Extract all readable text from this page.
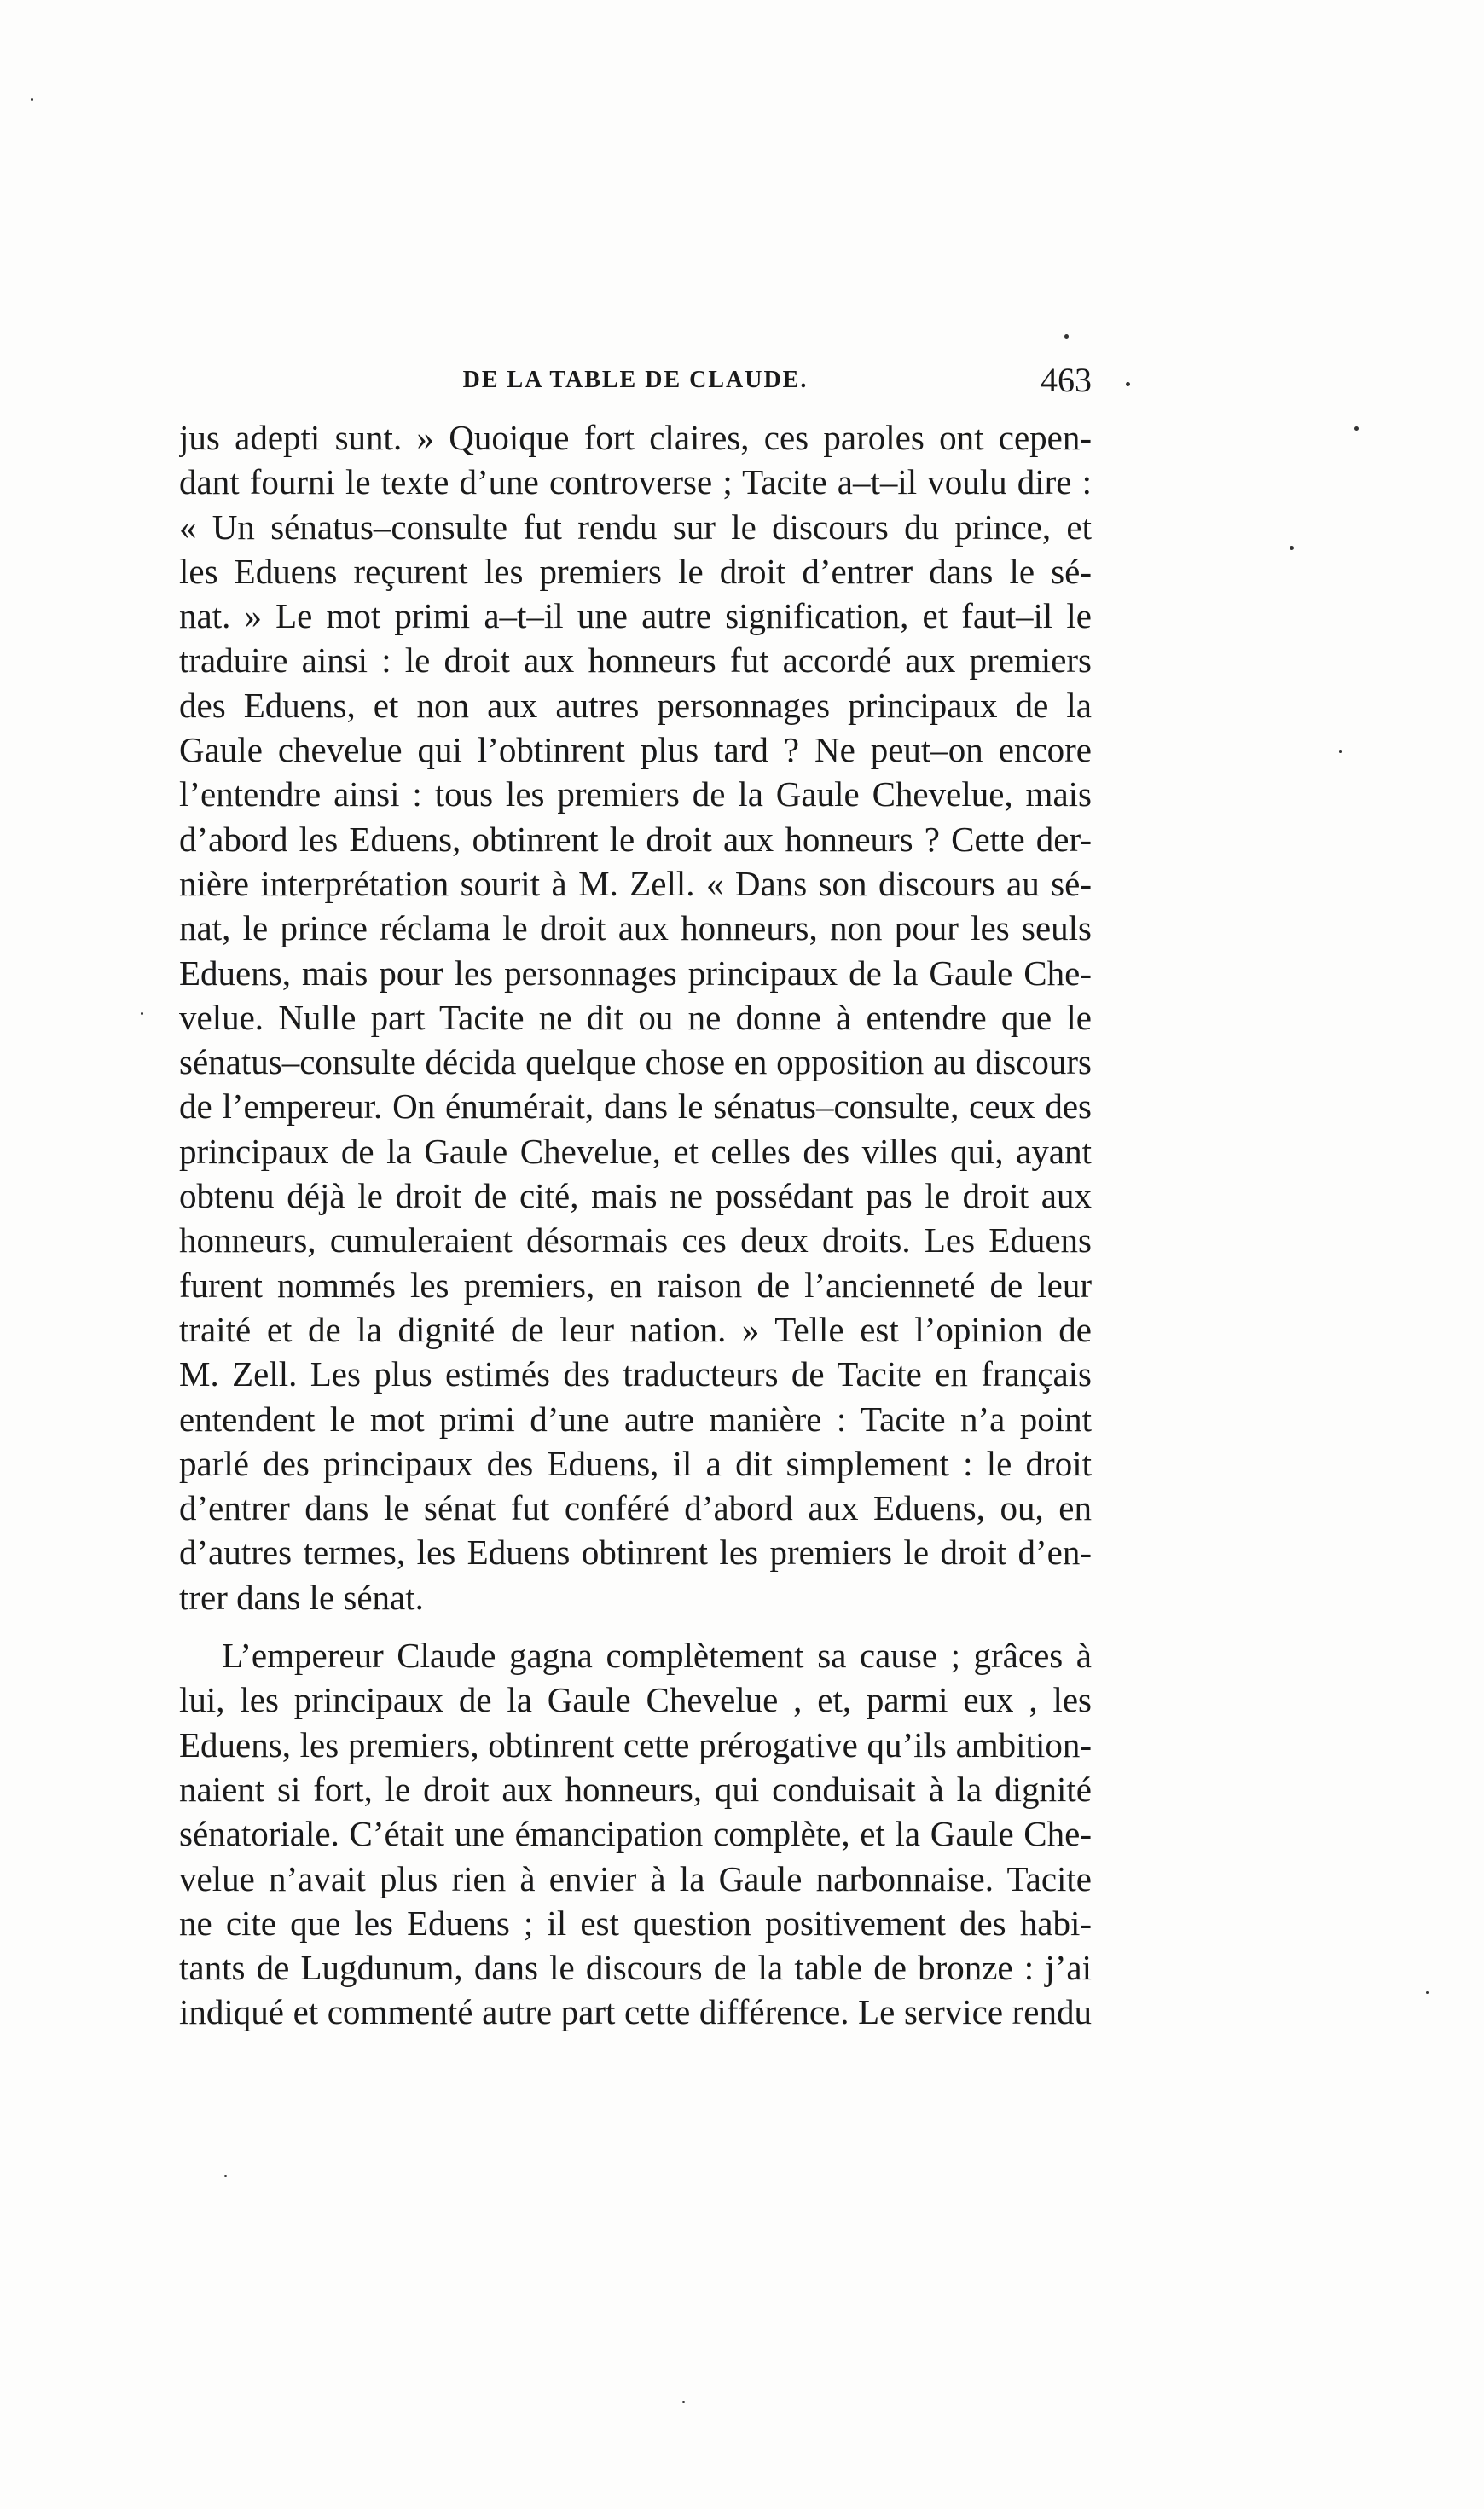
DE LA TABLE DE CLAUDE.	463
jus adepti sunt. » Quoique fort claires, ces paroles ont cepen-
dant fourni le texte d’une controverse ; Tacite a–t–il voulu dire :
« Un sénatus–consulte fut rendu sur le discours du prince, et
les Eduens reçurent les premiers le droit d’entrer dans le sé-
nat. » Le mot primi a–t–il une autre signification, et faut–il le
traduire ainsi : le droit aux honneurs fut accordé aux premiers
des Eduens, et non aux autres personnages principaux de la
Gaule chevelue qui l’obtinrent plus tard ? Ne peut–on encore
l’entendre ainsi : tous les premiers de la Gaule Chevelue, mais
d’abord les Eduens, obtinrent le droit aux honneurs ? Cette der-
nière interprétation sourit à M. Zell. « Dans son discours au sé-
nat, le prince réclama le droit aux honneurs, non pour les seuls
Eduens, mais pour les personnages principaux de la Gaule Che-
velue. Nulle part Tacite ne dit ou ne donne à entendre que le
sénatus–consulte décida quelque chose en opposition au discours
de l’empereur. On énumérait, dans le sénatus–consulte, ceux des
principaux de la Gaule Chevelue, et celles des villes qui, ayant
obtenu déjà le droit de cité, mais ne possédant pas le droit aux
honneurs, cumuleraient désormais ces deux droits. Les Eduens
furent nommés les premiers, en raison de l’ancienneté de leur
traité et de la dignité de leur nation. » Telle est l’opinion de
M. Zell. Les plus estimés des traducteurs de Tacite en français
entendent le mot primi d’une autre manière : Tacite n’a point
parlé des principaux des Eduens, il a dit simplement : le droit
d’entrer dans le sénat fut conféré d’abord aux Eduens, ou, en
d’autres termes, les Eduens obtinrent les premiers le droit d’en-
trer dans le sénat.
L’empereur Claude gagna complètement sa cause ; grâces à
lui, les principaux de la Gaule Chevelue , et, parmi eux , les
Eduens, les premiers, obtinrent cette prérogative qu’ils ambition-
naient si fort, le droit aux honneurs, qui conduisait à la dignité
sénatoriale. C’était une émancipation complète, et la Gaule Che-
velue n’avait plus rien à envier à la Gaule narbonnaise. Tacite
ne cite que les Eduens ; il est question positivement des habi-
tants de Lugdunum, dans le discours de la table de bronze : j’ai
indiqué et commenté autre part cette différence. Le service rendu
